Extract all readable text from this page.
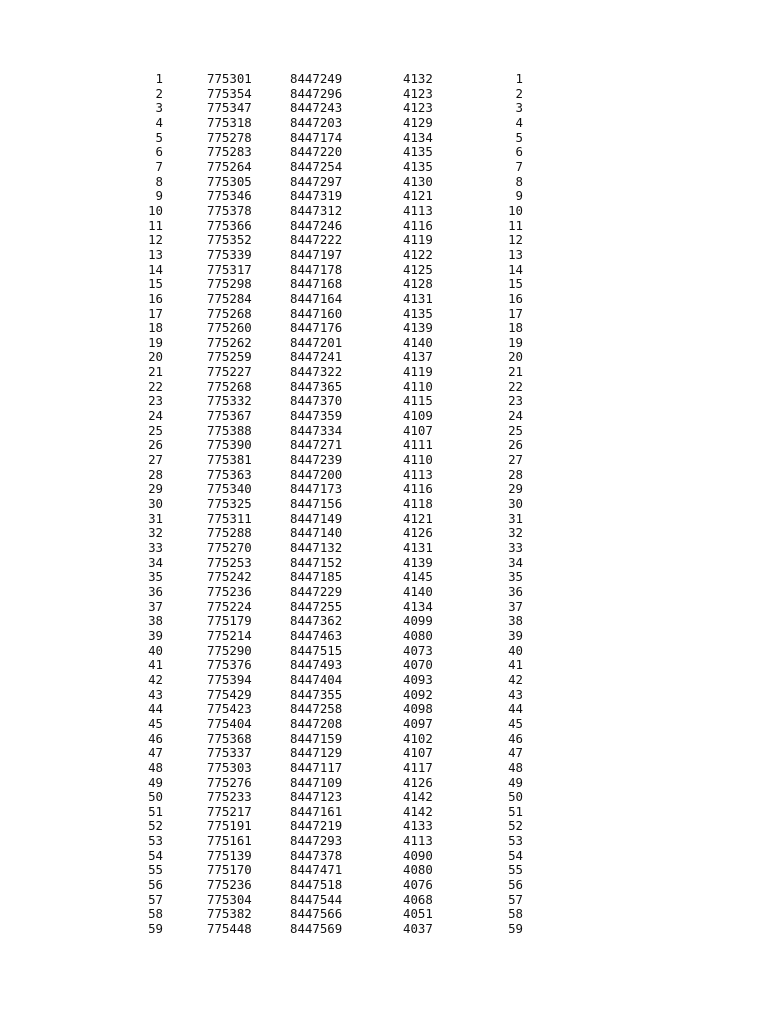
1	775301	8447249	4132	1
2	775354	8447296	4123	2
3	775347	8447243	4123	3
4	775318	8447203	4129	4
5	775278	8447174	4134	5
6	775283	8447220	4135	6
7	775264	8447254	4135	7
8	775305	8447297	4130	8
9	775346	8447319	4121	9
10	775378	8447312	4113	10
11	775366	8447246	4116	11
12	775352	8447222	4119	12
13	775339	8447197	4122	13
14	775317	8447178	4125	14
15	775298	8447168	4128	15
16	775284	8447164	4131	16
17	775268	8447160	4135	17
18	775260	8447176	4139	18
19	775262	8447201	4140	19
20	775259	8447241	4137	20
21	775227	8447322	4119	21
22	775268	8447365	4110	22
23	775332	8447370	4115	23
24	775367	8447359	4109	24
25	775388	8447334	4107	25
26	775390	8447271	4111	26
27	775381	8447239	4110	27
28	775363	8447200	4113	28
29	775340	8447173	4116	29
30	775325	8447156	4118	30
31	775311	8447149	4121	31
32	775288	8447140	4126	32
33	775270	8447132	4131	33
34	775253	8447152	4139	34
35	775242	8447185	4145	35
36	775236	8447229	4140	36
37	775224	8447255	4134	37
38	775179	8447362	4099	38
39	775214	8447463	4080	39
40	775290	8447515	4073	40
41	775376	8447493	4070	41
42	775394	8447404	4093	42
43	775429	8447355	4092	43
44	775423	8447258	4098	44
45	775404	8447208	4097	45
46	775368	8447159	4102	46
47	775337	8447129	4107	47
48	775303	8447117	4117	48
49	775276	8447109	4126	49
50	775233	8447123	4142	50
51	775217	8447161	4142	51
52	775191	8447219	4133	52
53	775161	8447293	4113	53
54	775139	8447378	4090	54
55	775170	8447471	4080	55
56	775236	8447518	4076	56
57	775304	8447544	4068	57
58	775382	8447566	4051	58
59	775448	8447569	4037	59
